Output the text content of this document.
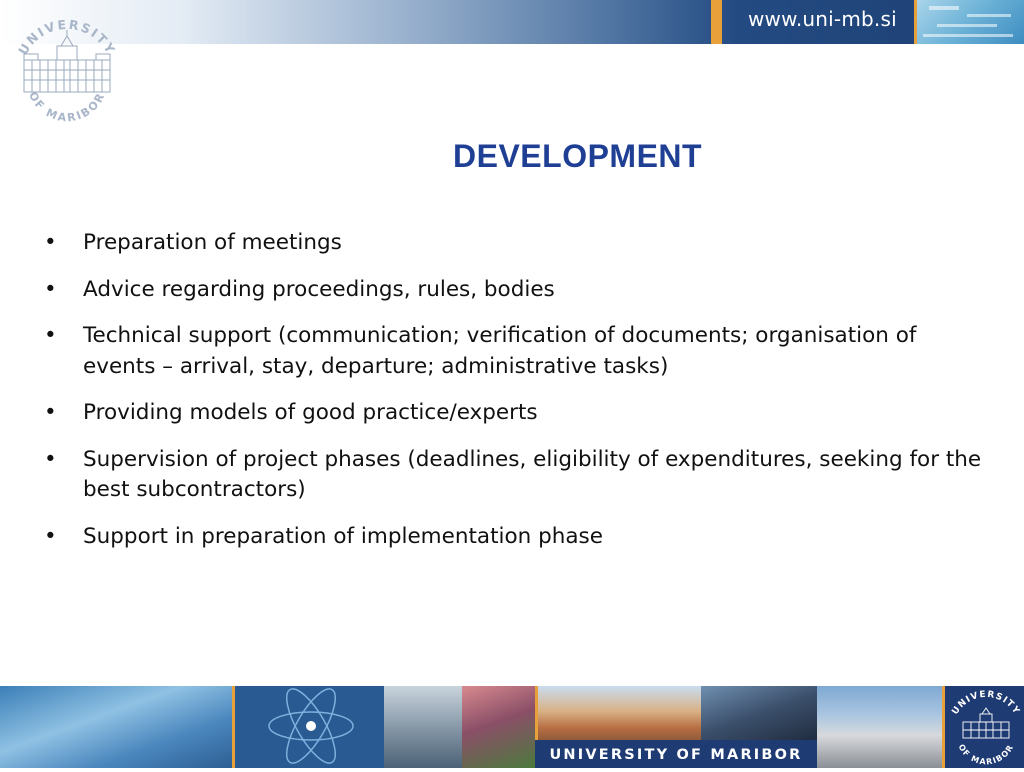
www.uni-mb.si
UNIVERSITY
OF MARIBOR
DEVELOPMENT
• Preparation of meetings
• Advice regarding proceedings, rules, bodies
• Technical support (communication; verification of documents; organisation of events – arrival, stay, departure; administrative tasks)
• Providing models of good practice/experts
• Supervision of project phases (deadlines, eligibility of expenditures, seeking for the best subcontractors)
• Support in preparation of implementation phase
UNIVERSITY OF MARIBOR
UNIVERSITY
OF MARIBOR
